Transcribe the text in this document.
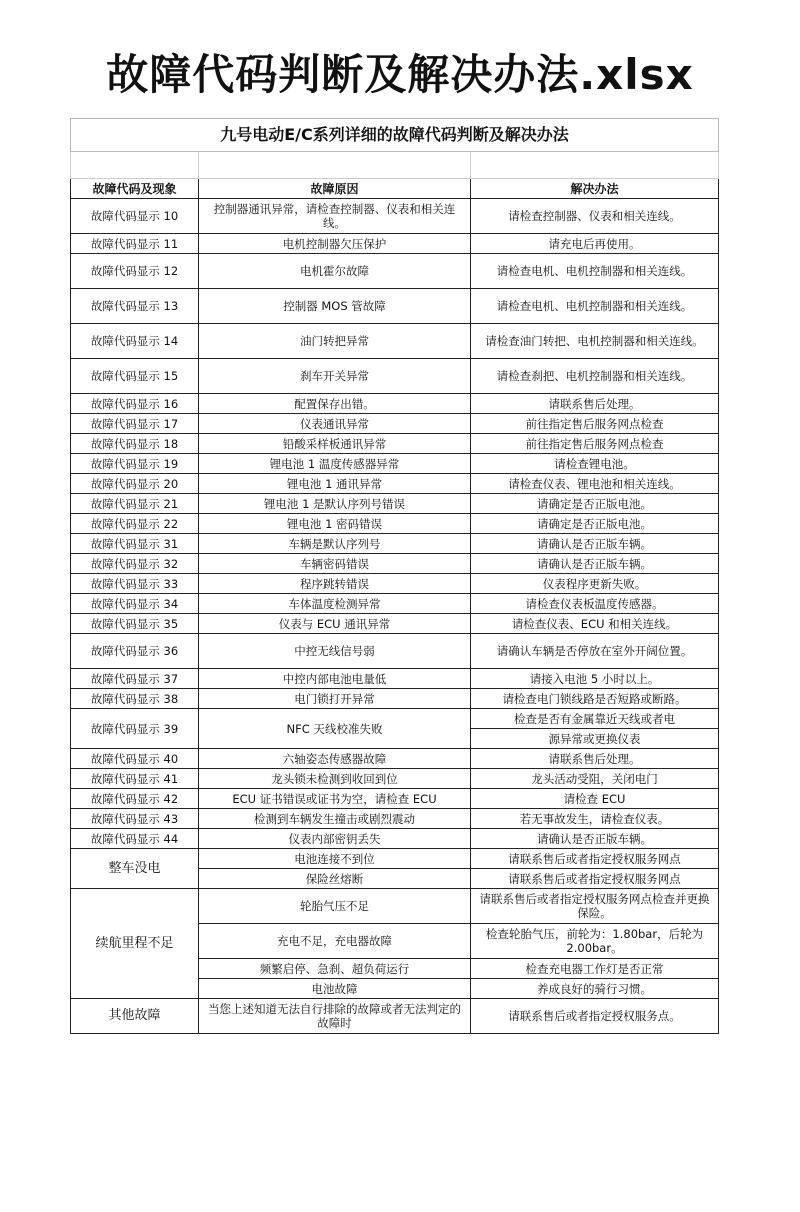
故障代码判断及解决办法.xlsx
九号电动E/C系列详细的故障代码判断及解决办法		

故障代码及现象	故障原因	解决办法
故障代码显示 10	控制器通讯异常，请检查控制器、仪表和相关连线。	请检查控制器、仪表和相关连线。
故障代码显示 11	电机控制器欠压保护	请充电后再使用。
故障代码显示 12	电机霍尔故障	请检查电机、电机控制器和相关连线。
故障代码显示 13	控制器 MOS 管故障	请检查电机、电机控制器和相关连线。
故障代码显示 14	油门转把异常	请检查油门转把、电机控制器和相关连线。
故障代码显示 15	刹车开关异常	请检查刹把、电机控制器和相关连线。
故障代码显示 16	配置保存出错。	请联系售后处理。
故障代码显示 17	仪表通讯异常	前往指定售后服务网点检查
故障代码显示 18	铅酸采样板通讯异常	前往指定售后服务网点检查
故障代码显示 19	锂电池 1 温度传感器异常	请检查锂电池。
故障代码显示 20	锂电池 1 通讯异常	请检查仪表、锂电池和相关连线。
故障代码显示 21	锂电池 1 是默认序列号错误	请确定是否正版电池。
故障代码显示 22	锂电池 1 密码错误	请确定是否正版电池。
故障代码显示 31	车辆是默认序列号	请确认是否正版车辆。
故障代码显示 32	车辆密码错误	请确认是否正版车辆。
故障代码显示 33	程序跳转错误	仪表程序更新失败。
故障代码显示 34	车体温度检测异常	请检查仪表板温度传感器。
故障代码显示 35	仪表与 ECU 通讯异常	请检查仪表、ECU 和相关连线。
故障代码显示 36	中控无线信号弱	请确认车辆是否停放在室外开阔位置。
故障代码显示 37	中控内部电池电量低	请接入电池 5 小时以上。
故障代码显示 38	电门锁打开异常	请检查电门锁线路是否短路或断路。
故障代码显示 39	NFC 天线校准失败	检查是否有金属靠近天线或者电
		源异常或更换仪表
故障代码显示 40	六轴姿态传感器故障	请联系售后处理。
故障代码显示 41	龙头锁未检测到收回到位	龙头活动受阻，关闭电门
故障代码显示 42	ECU 证书错误或证书为空，请检查 ECU	请检查 ECU
故障代码显示 43	检测到车辆发生撞击或剧烈震动	若无事故发生，请检查仪表。
故障代码显示 44	仪表内部密钥丢失	请确认是否正版车辆。
整车没电	电池连接不到位	请联系售后或者指定授权服务网点
	保险丝熔断	请联系售后或者指定授权服务网点
续航里程不足	轮胎气压不足	请联系售后或者指定授权服务网点检查并更换保险。
	充电不足，充电器故障	检查轮胎气压，前轮为：1.80bar，后轮为 2.00bar。
	频繁启停、急刹、超负荷运行	检查充电器工作灯是否正常
	电池故障	养成良好的骑行习惯。
其他故障	当您上述知道无法自行排除的故障或者无法判定的故障时	请联系售后或者指定授权服务点。
